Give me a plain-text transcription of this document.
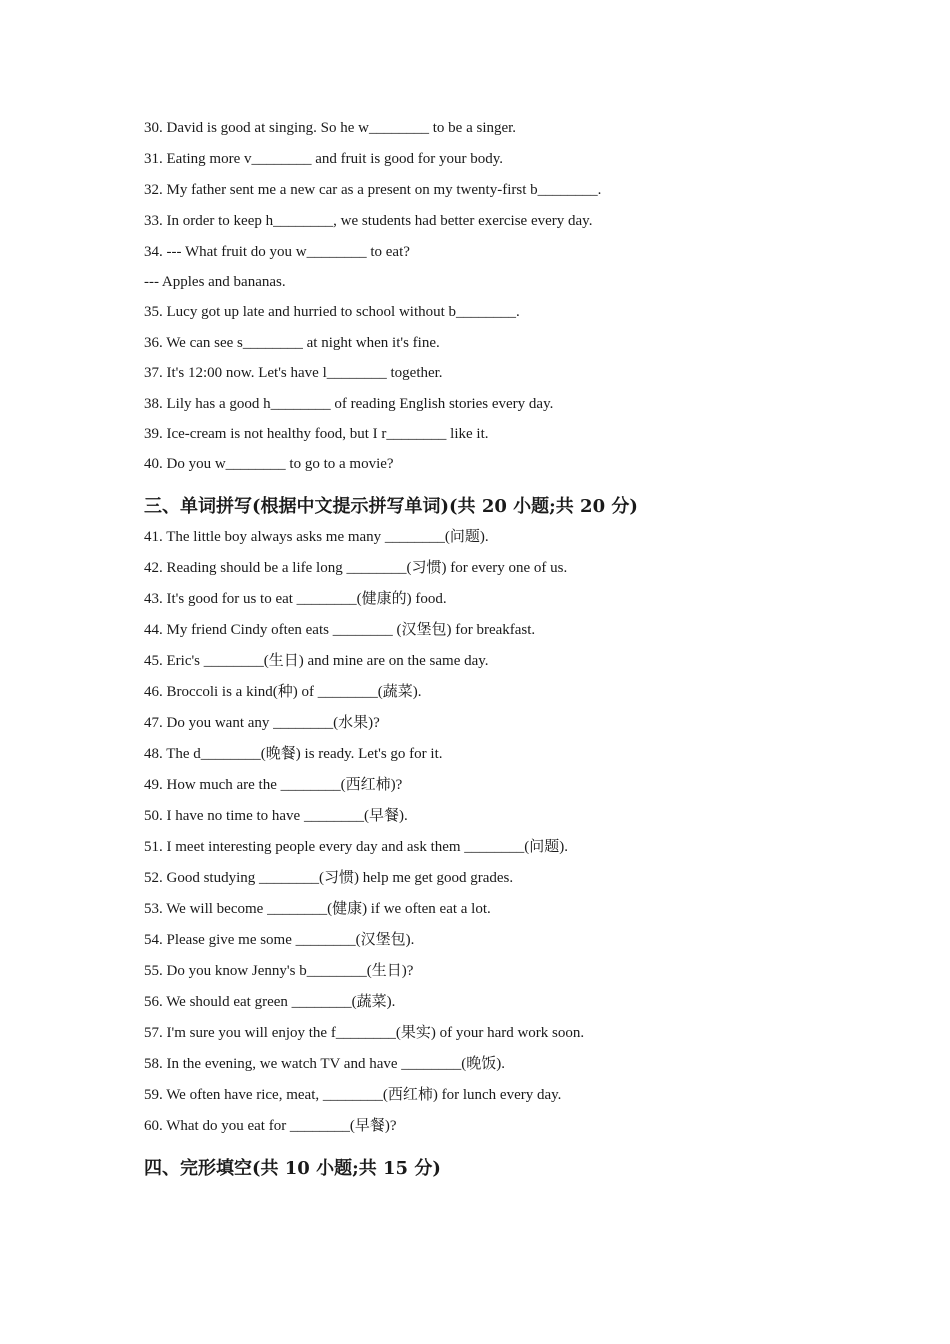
30. David is good at singing. So he w________ to be a singer.
31. Eating more v________ and fruit is good for your body.
32. My father sent me a new car as a present on my twenty-first b________.
33. In order to keep h________, we students had better exercise every day.
34. --- What fruit do you w________ to eat?
--- Apples and bananas.
35. Lucy got up late and hurried to school without b________.
36. We can see s________ at night when it's fine.
37. It's 12:00 now. Let's have l________ together.
38. Lily has a good h________ of reading English stories every day.
39. Ice-cream is not healthy food, but I r________ like it.
40. Do you w________ to go to a movie?
三、单词拼写(根据中文提示拼写单词)(共 20 小题;共 20 分)
41. The little boy always asks me many ________(问题).
42. Reading should be a life long ________(习惯) for every one of us.
43. It's good for us to eat ________(健康的) food.
44. My friend Cindy often eats ________ (汉堡包) for breakfast.
45. Eric's ________(生日) and mine are on the same day.
46. Broccoli is a kind(种) of ________(蔬菜).
47. Do you want any ________(水果)?
48. The d________(晚餐) is ready. Let's go for it.
49. How much are the ________(西红柿)?
50. I have no time to have ________(早餐).
51. I meet interesting people every day and ask them ________(问题).
52. Good studying ________(习惯) help me get good grades.
53. We will become ________(健康) if we often eat a lot.
54. Please give me some ________(汉堡包).
55. Do you know Jenny's b________(生日)?
56. We should eat green ________(蔬菜).
57. I'm sure you will enjoy the f________(果实) of your hard work soon.
58. In the evening, we watch TV and have ________(晚饭).
59. We often have rice, meat, ________(西红柿) for lunch every day.
60. What do you eat for ________(早餐)?
四、完形填空(共 10 小题;共 15 分)
